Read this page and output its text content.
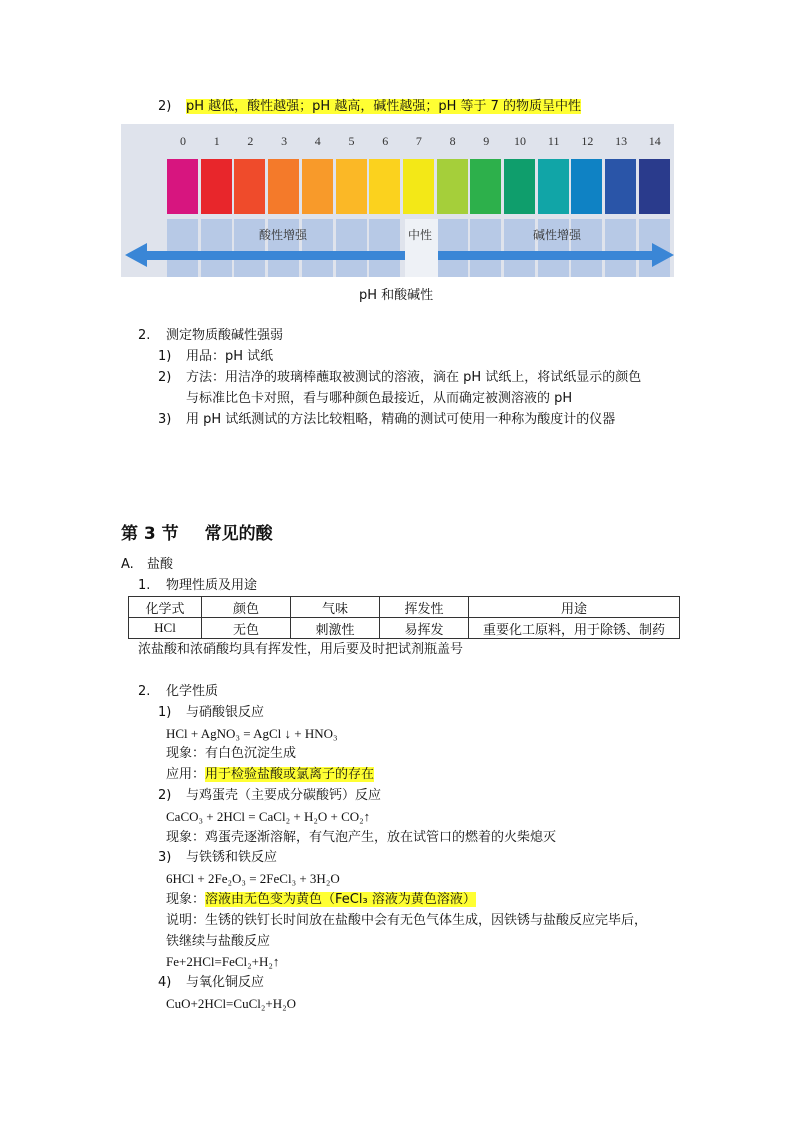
2) pH 越低，酸性越强；pH 越高，碱性越强；pH 等于 7 的物质呈中性
酸性增强	中性	碱性增强
0	1	2	3	4	5	6	7	8	9	10	11	12	13	14
pH 和酸碱性
2. 测定物质酸碱性强弱
1) 用品：pH 试纸
2) 方法：用洁净的玻璃棒蘸取被测试的溶液，滴在 pH 试纸上，将试纸显示的颜色
与标准比色卡对照，看与哪种颜色最接近，从而确定被测溶液的 pH
3) 用 pH 试纸测试的方法比较粗略，精确的测试可使用一种称为酸度计的仪器
第 3 节 常见的酸
A. 盐酸
1. 物理性质及用途
化学式	颜色	气味	挥发性	用途
HCl	无色	刺激性	易挥发	重要化工原料，用于除锈、制药
浓盐酸和浓硝酸均具有挥发性，用后要及时把试剂瓶盖号
2. 化学性质
1) 与硝酸银反应
HCl + AgNO₃ = AgCl ↓ + HNO₃
现象：有白色沉淀生成
应用：用于检验盐酸或氯离子的存在
2) 与鸡蛋壳（主要成分碳酸钙）反应
CaCO₃ + 2HCl = CaCl₂ + H₂O + CO₂↑
现象：鸡蛋壳逐渐溶解，有气泡产生，放在试管口的燃着的火柴熄灭
3) 与铁锈和铁反应
6HCl + 2Fe₂O₃ = 2FeCl₃ + 3H₂O
现象：溶液由无色变为黄色（FeCl₃ 溶液为黄色溶液）
说明：生锈的铁钉长时间放在盐酸中会有无色气体生成，因铁锈与盐酸反应完毕后，
铁继续与盐酸反应
Fe+2HCl=FeCl₂+H₂↑
4) 与氧化铜反应
CuO+2HCl=CuCl₂+H₂O
